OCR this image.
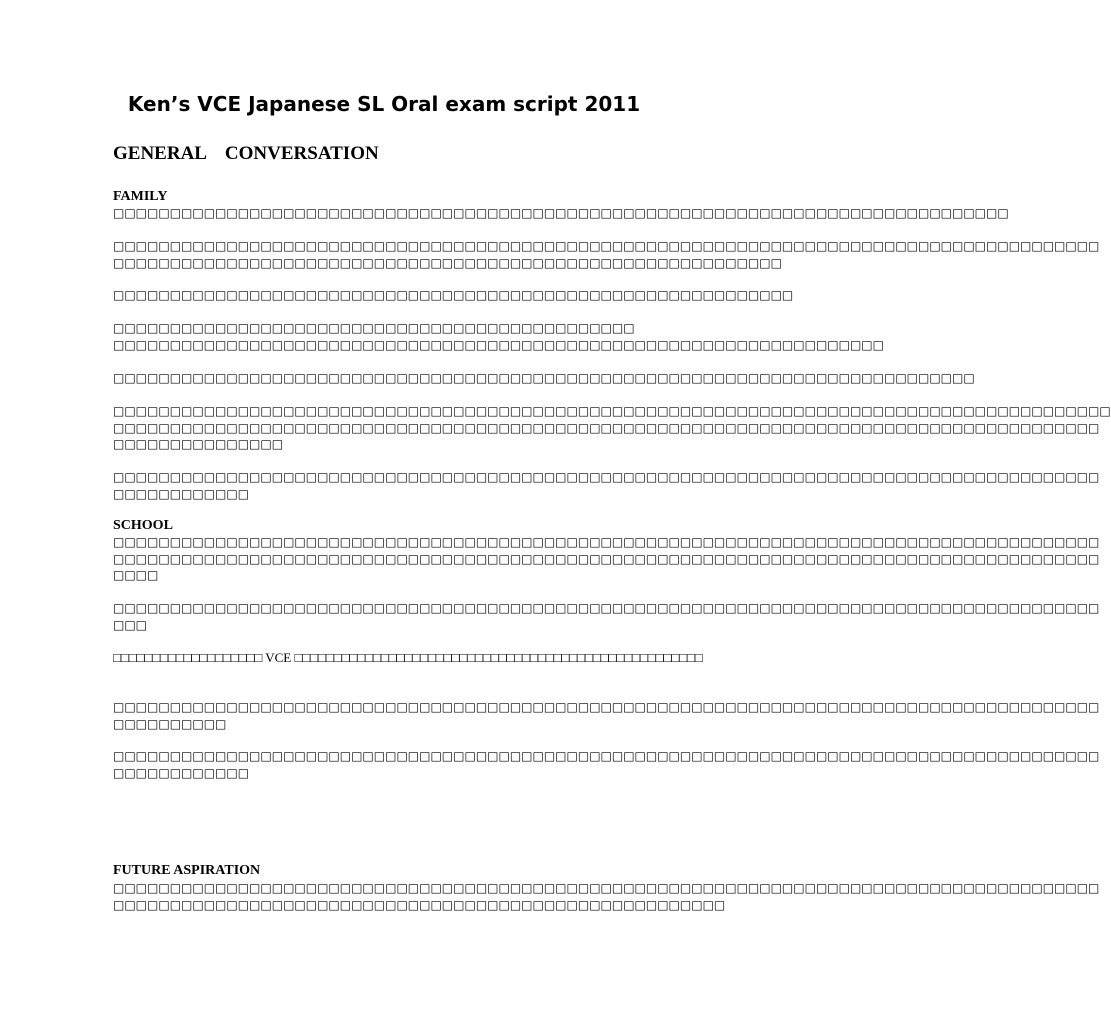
Ken’s VCE Japanese SL Oral exam script 2011
GENERAL    CONVERSATION
FAMILY

□□□□□□□□□□□□□□□□□□□□□□□□□□□□□□□□□□□□□□□□□□□□□□□□□□□□□□□□□□□□□□□□□□□□□□□□□□□□□□□

□□□□□□□□□□□□□□□□□□□□□□□□□□□□□□□□□□□□□□□□□□□□□□□□□□□□□□□□□□□□□□□□□□□□□□□□□□□□□□□□□□□□□□□
□□□□□□□□□□□□□□□□□□□□□□□□□□□□□□□□□□□□□□□□□□□□□□□□□□□□□□□□□□□

□□□□□□□□□□□□□□□□□□□□□□□□□□□□□□□□□□□□□□□□□□□□□□□□□□□□□□□□□□□□

□□□□□□□□□□□□□□□□□□□□□□□□□□□□□□□□□□□□□□□□□□□□□□
□□□□□□□□□□□□□□□□□□□□□□□□□□□□□□□□□□□□□□□□□□□□□□□□□□□□□□□□□□□□□□□□□□□□

□□□□□□□□□□□□□□□□□□□□□□□□□□□□□□□□□□□□□□□□□□□□□□□□□□□□□□□□□□□□□□□□□□□□□□□□□□□□

□□□□□□□□□□□□□□□□□□□□□□□□□□□□□□□□□□□□□□□□□□□□□□□□□□□□□□□□□□□□□□□□□□□□□□□□□□□□□□□□□□□□□□□□
□□□□□□□□□□□□□□□□□□□□□□□□□□□□□□□□□□□□□□□□□□□□□□□□□□□□□□□□□□□□□□□□□□□□□□□□□□□□□□□□□□□□□□□
□□□□□□□□□□□□□□□

□□□□□□□□□□□□□□□□□□□□□□□□□□□□□□□□□□□□□□□□□□□□□□□□□□□□□□□□□□□□□□□□□□□□□□□□□□□□□□□□□□□□□□□
□□□□□□□□□□□□

SCHOOL

□□□□□□□□□□□□□□□□□□□□□□□□□□□□□□□□□□□□□□□□□□□□□□□□□□□□□□□□□□□□□□□□□□□□□□□□□□□□□□□□□□□□□□□
□□□□□□□□□□□□□□□□□□□□□□□□□□□□□□□□□□□□□□□□□□□□□□□□□□□□□□□□□□□□□□□□□□□□□□□□□□□□□□□□□□□□□□□
□□□□

□□□□□□□□□□□□□□□□□□□□□□□□□□□□□□□□□□□□□□□□□□□□□□□□□□□□□□□□□□□□□□□□□□□□□□□□□□□□□□□□□□□□□□□
□□□

□□□□□□□□□□□□□□□□□□□ VCE □□□□□□□□□□□□□□□□□□□□□□□□□□□□□□□□□□□□□□□□□□□□□□□□□□□□

□□□□□□□□□□□□□□□□□□□□□□□□□□□□□□□□□□□□□□□□□□□□□□□□□□□□□□□□□□□□□□□□□□□□□□□□□□□□□□□□□□□□□□□
□□□□□□□□□□

□□□□□□□□□□□□□□□□□□□□□□□□□□□□□□□□□□□□□□□□□□□□□□□□□□□□□□□□□□□□□□□□□□□□□□□□□□□□□□□□□□□□□□□
□□□□□□□□□□□□

FUTURE ASPIRATION

□□□□□□□□□□□□□□□□□□□□□□□□□□□□□□□□□□□□□□□□□□□□□□□□□□□□□□□□□□□□□□□□□□□□□□□□□□□□□□□□□□□□□□□
□□□□□□□□□□□□□□□□□□□□□□□□□□□□□□□□□□□□□□□□□□□□□□□□□□□□□□
